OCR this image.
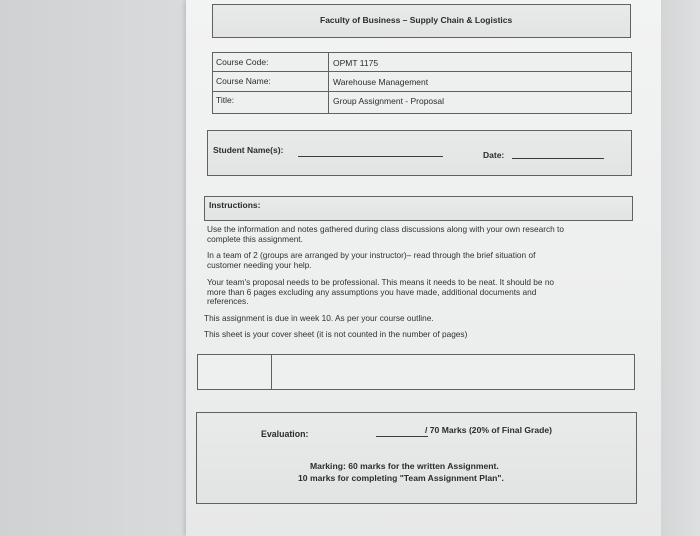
Faculty of Business – Supply Chain & Logistics
Course Code:	OPMT 1175
Course Name:	Warehouse Management
Title:	Group Assignment - Proposal
Student Name(s):	Date:
Instructions:
Use the information and notes gathered during class discussions along with your own research to
complete this assignment.
In a team of 2 (groups are arranged by your instructor)– read through the brief situation of
customer needing your help.
Your team's proposal needs to be professional. This means it needs to be neat. It should be no
more than 6 pages excluding any assumptions you have made, additional documents and
references.
This assignment is due in week 10. As per your course outline.
This sheet is your cover sheet (it is not counted in the number of pages)
Evaluation:	/ 70 Marks (20% of Final Grade)
Marking: 60 marks for the written Assignment.
10 marks for completing "Team Assignment Plan".
